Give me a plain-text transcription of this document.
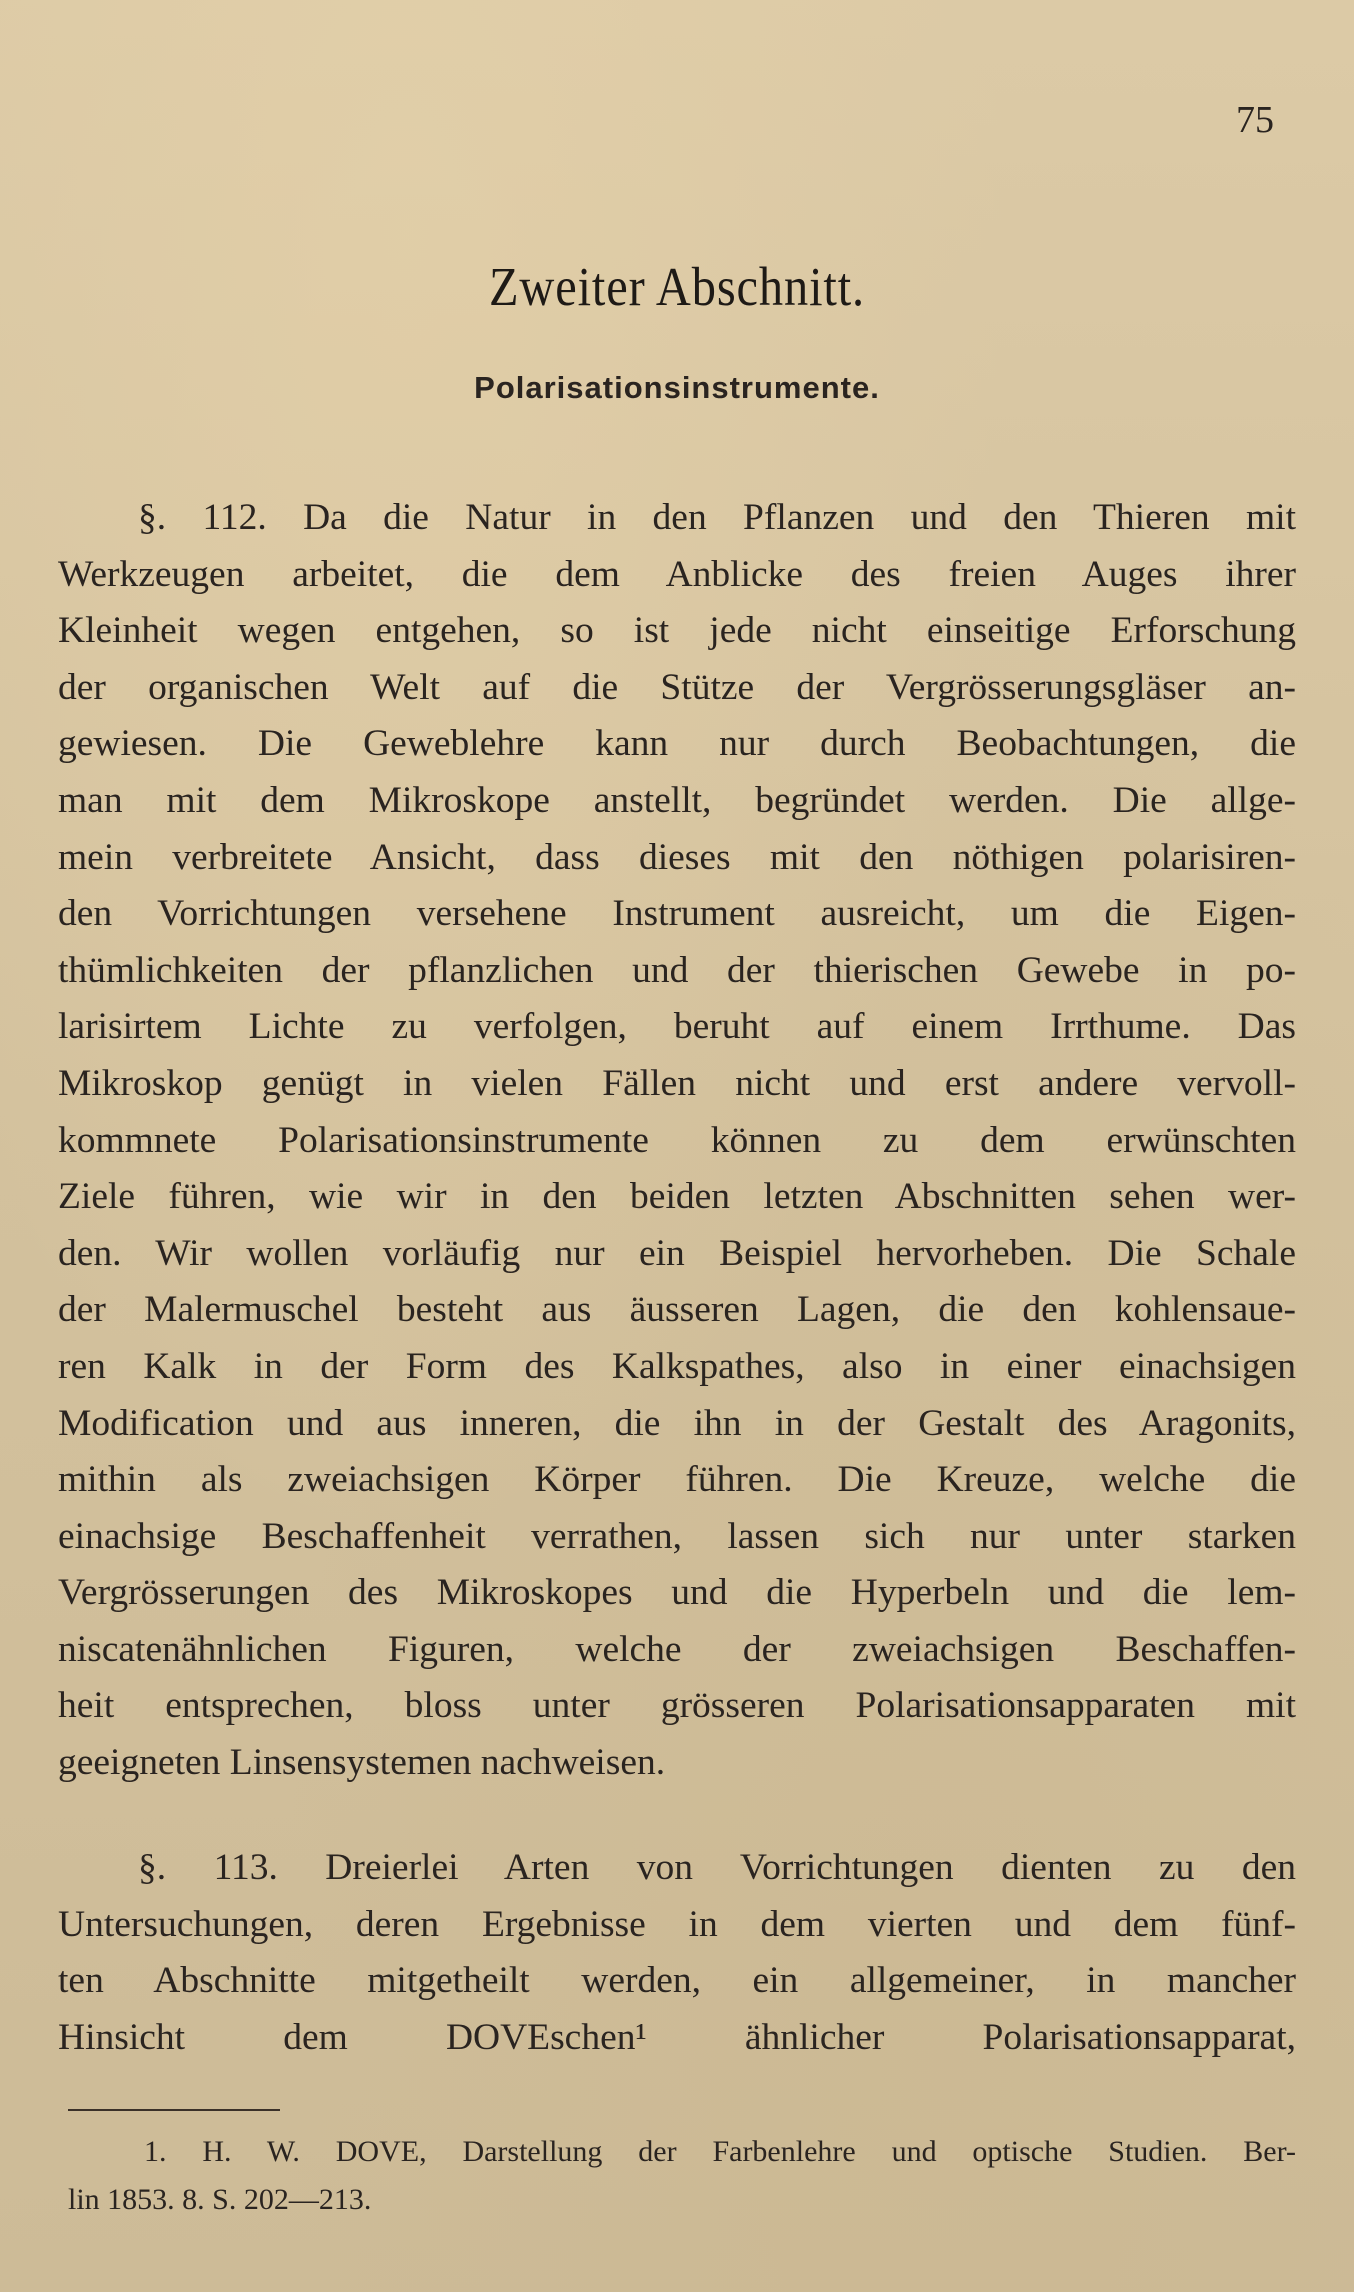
75
Zweiter Abschnitt.
Polarisationsinstrumente.
§. 112. Da die Natur in den Pflanzen und den Thieren mit
Werkzeugen arbeitet, die dem Anblicke des freien Auges ihrer
Kleinheit wegen entgehen, so ist jede nicht einseitige Erforschung
der organischen Welt auf die Stütze der Vergrösserungsgläser an-
gewiesen. Die Geweblehre kann nur durch Beobachtungen, die
man mit dem Mikroskope anstellt, begründet werden. Die allge-
mein verbreitete Ansicht, dass dieses mit den nöthigen polarisiren-
den Vorrichtungen versehene Instrument ausreicht, um die Eigen-
thümlichkeiten der pflanzlichen und der thierischen Gewebe in po-
larisirtem Lichte zu verfolgen, beruht auf einem Irrthume. Das
Mikroskop genügt in vielen Fällen nicht und erst andere vervoll-
kommnete Polarisationsinstrumente können zu dem erwünschten
Ziele führen, wie wir in den beiden letzten Abschnitten sehen wer-
den. Wir wollen vorläufig nur ein Beispiel hervorheben. Die Schale
der Malermuschel besteht aus äusseren Lagen, die den kohlensaue-
ren Kalk in der Form des Kalkspathes, also in einer einachsigen
Modification und aus inneren, die ihn in der Gestalt des Aragonits,
mithin als zweiachsigen Körper führen. Die Kreuze, welche die
einachsige Beschaffenheit verrathen, lassen sich nur unter starken
Vergrösserungen des Mikroskopes und die Hyperbeln und die lem-
niscatenähnlichen Figuren, welche der zweiachsigen Beschaffen-
heit entsprechen, bloss unter grösseren Polarisationsapparaten mit
geeigneten Linsensystemen nachweisen.
§. 113. Dreierlei Arten von Vorrichtungen dienten zu den
Untersuchungen, deren Ergebnisse in dem vierten und dem fünf-
ten Abschnitte mitgetheilt werden, ein allgemeiner, in mancher
Hinsicht dem DOVEschen¹ ähnlicher Polarisationsapparat,
1. H. W. DOVE, Darstellung der Farbenlehre und optische Studien. Ber-
lin 1853. 8. S. 202—213.
